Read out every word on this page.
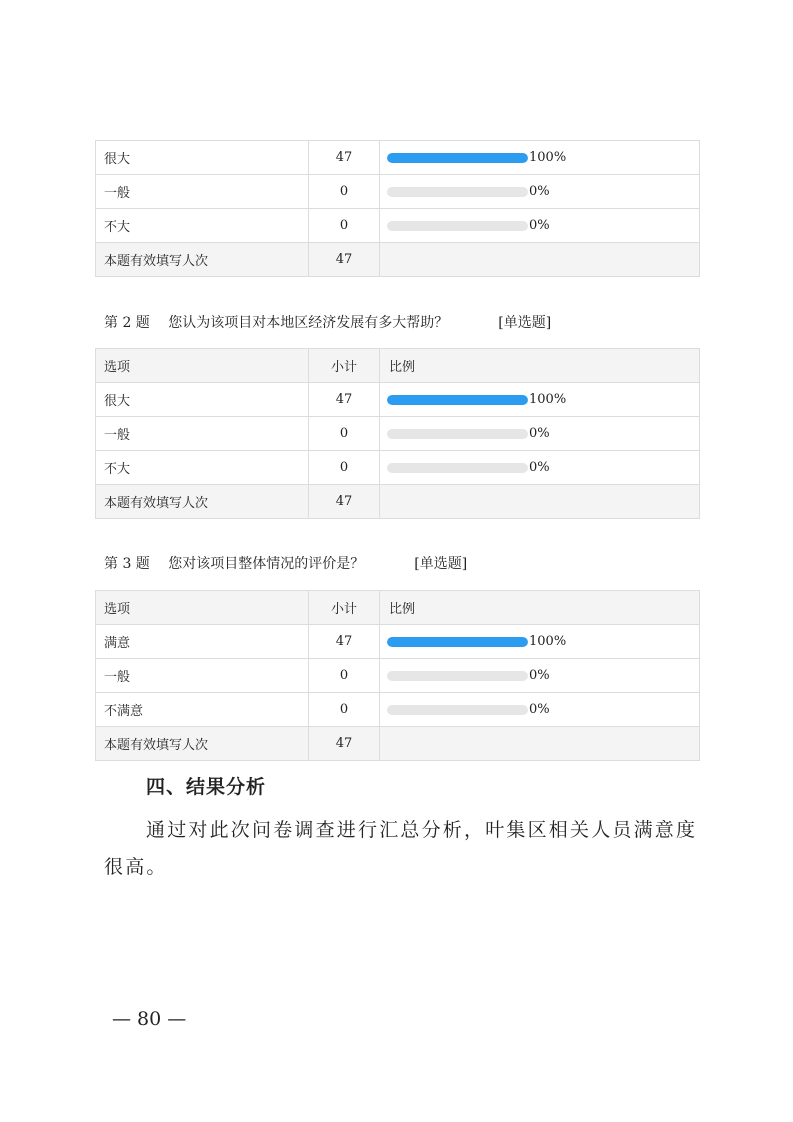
很大	47	100%

一般	0	0%

不大	0	0%

本题有效填写人次	47	
第 2 题　 您认为该项目对本地区经济发展有多大帮助？	[单选题]
选项	小计	比例
很大	47	100%

一般	0	0%

不大	0	0%

本题有效填写人次	47	
第 3 题　 您对该项目整体情况的评价是？	[单选题]
选项	小计	比例
满意	47	100%

一般	0	0%

不满意	0	0%

本题有效填写人次	47	
四、结果分析
通过对此次问卷调查进行汇总分析，叶集区相关人员满意度很高。
— 80 —
